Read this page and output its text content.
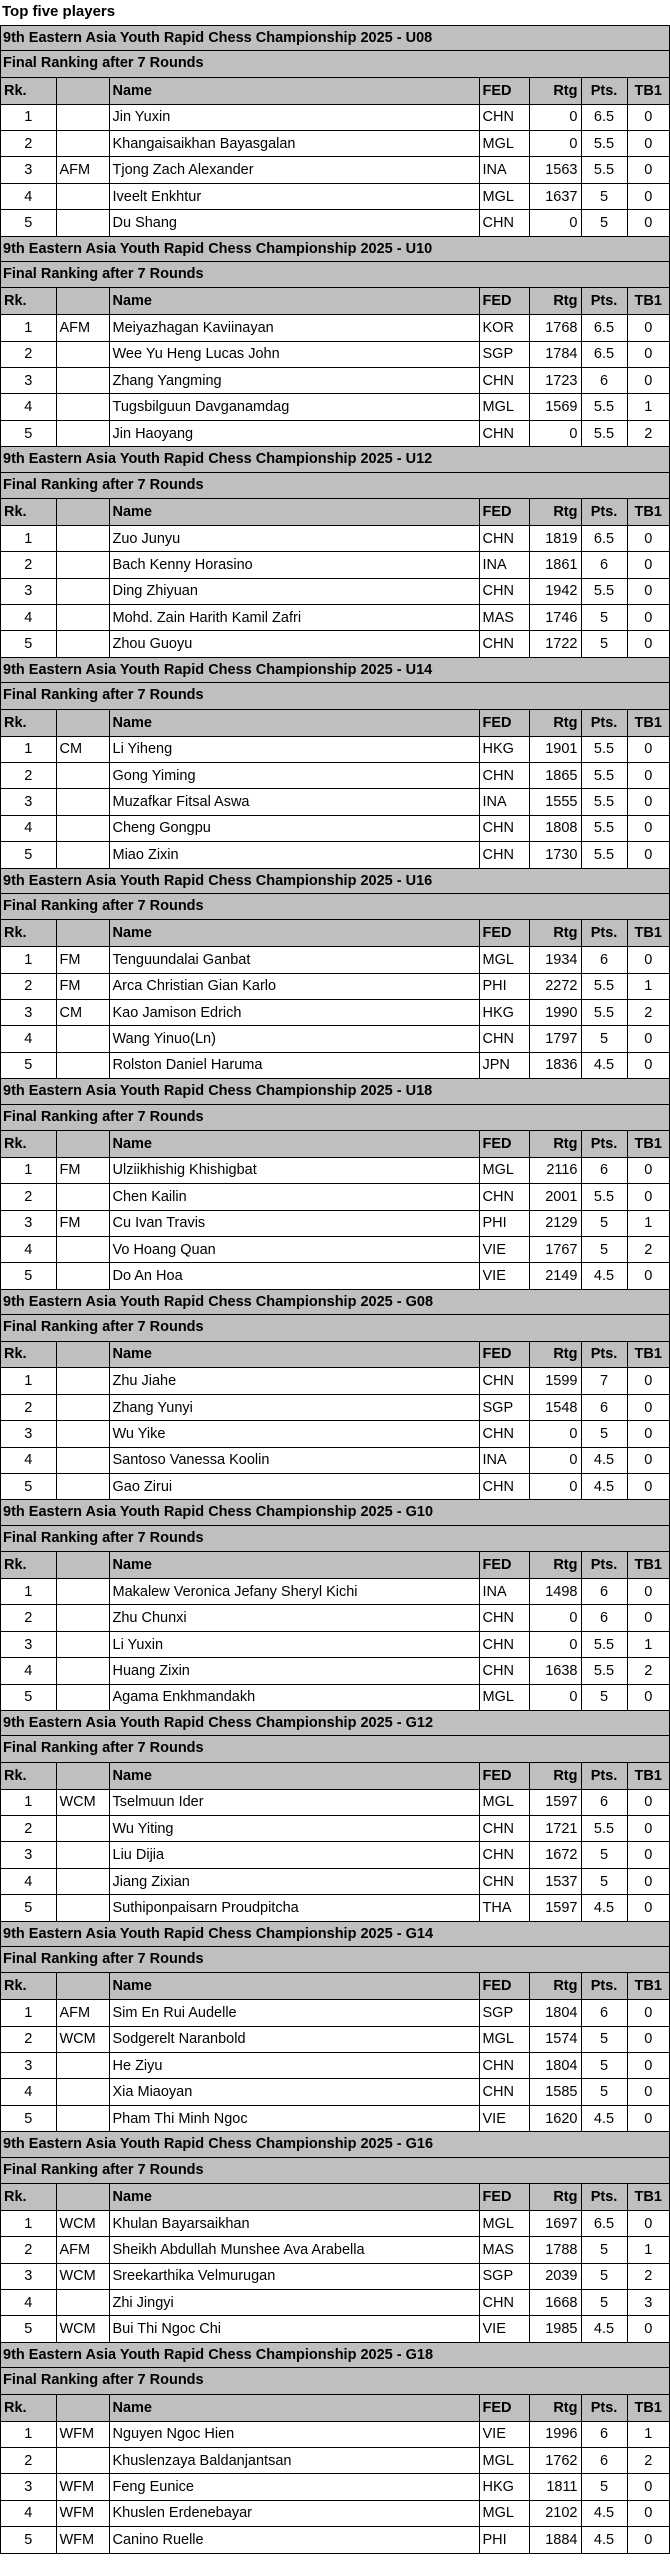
Top five players
9th Eastern Asia Youth Rapid Chess Championship 2025 - U08
Final Ranking after 7 Rounds
Rk.		Name	FED	Rtg	Pts.	TB1
1		Jin Yuxin	CHN	0	6.5	0
2		Khangaisaikhan Bayasgalan	MGL	0	5.5	0
3	AFM	Tjong Zach Alexander	INA	1563	5.5	0
4		Iveelt Enkhtur	MGL	1637	5	0
5		Du Shang	CHN	0	5	0
9th Eastern Asia Youth Rapid Chess Championship 2025 - U10
Final Ranking after 7 Rounds
Rk.		Name	FED	Rtg	Pts.	TB1
1	AFM	Meiyazhagan Kaviinayan	KOR	1768	6.5	0
2		Wee Yu Heng Lucas John	SGP	1784	6.5	0
3		Zhang Yangming	CHN	1723	6	0
4		Tugsbilguun Davganamdag	MGL	1569	5.5	1
5		Jin Haoyang	CHN	0	5.5	2
9th Eastern Asia Youth Rapid Chess Championship 2025 - U12
Final Ranking after 7 Rounds
Rk.		Name	FED	Rtg	Pts.	TB1
1		Zuo Junyu	CHN	1819	6.5	0
2		Bach Kenny Horasino	INA	1861	6	0
3		Ding Zhiyuan	CHN	1942	5.5	0
4		Mohd. Zain Harith Kamil Zafri	MAS	1746	5	0
5		Zhou Guoyu	CHN	1722	5	0
9th Eastern Asia Youth Rapid Chess Championship 2025 - U14
Final Ranking after 7 Rounds
Rk.		Name	FED	Rtg	Pts.	TB1
1	CM	Li Yiheng	HKG	1901	5.5	0
2		Gong Yiming	CHN	1865	5.5	0
3		Muzafkar Fitsal Aswa	INA	1555	5.5	0
4		Cheng Gongpu	CHN	1808	5.5	0
5		Miao Zixin	CHN	1730	5.5	0
9th Eastern Asia Youth Rapid Chess Championship 2025 - U16
Final Ranking after 7 Rounds
Rk.		Name	FED	Rtg	Pts.	TB1
1	FM	Tenguundalai Ganbat	MGL	1934	6	0
2	FM	Arca Christian Gian Karlo	PHI	2272	5.5	1
3	CM	Kao Jamison Edrich	HKG	1990	5.5	2
4		Wang Yinuo(Ln)	CHN	1797	5	0
5		Rolston Daniel Haruma	JPN	1836	4.5	0
9th Eastern Asia Youth Rapid Chess Championship 2025 - U18
Final Ranking after 7 Rounds
Rk.		Name	FED	Rtg	Pts.	TB1
1	FM	Ulziikhishig Khishigbat	MGL	2116	6	0
2		Chen Kailin	CHN	2001	5.5	0
3	FM	Cu Ivan Travis	PHI	2129	5	1
4		Vo Hoang Quan	VIE	1767	5	2
5		Do An Hoa	VIE	2149	4.5	0
9th Eastern Asia Youth Rapid Chess Championship 2025 - G08
Final Ranking after 7 Rounds
Rk.		Name	FED	Rtg	Pts.	TB1
1		Zhu Jiahe	CHN	1599	7	0
2		Zhang Yunyi	SGP	1548	6	0
3		Wu Yike	CHN	0	5	0
4		Santoso Vanessa Koolin	INA	0	4.5	0
5		Gao Zirui	CHN	0	4.5	0
9th Eastern Asia Youth Rapid Chess Championship 2025 - G10
Final Ranking after 7 Rounds
Rk.		Name	FED	Rtg	Pts.	TB1
1		Makalew Veronica Jefany Sheryl Kichi	INA	1498	6	0
2		Zhu Chunxi	CHN	0	6	0
3		Li Yuxin	CHN	0	5.5	1
4		Huang Zixin	CHN	1638	5.5	2
5		Agama Enkhmandakh	MGL	0	5	0
9th Eastern Asia Youth Rapid Chess Championship 2025 - G12
Final Ranking after 7 Rounds
Rk.		Name	FED	Rtg	Pts.	TB1
1	WCM	Tselmuun Ider	MGL	1597	6	0
2		Wu Yiting	CHN	1721	5.5	0
3		Liu Dijia	CHN	1672	5	0
4		Jiang Zixian	CHN	1537	5	0
5		Suthiponpaisarn Proudpitcha	THA	1597	4.5	0
9th Eastern Asia Youth Rapid Chess Championship 2025 - G14
Final Ranking after 7 Rounds
Rk.		Name	FED	Rtg	Pts.	TB1
1	AFM	Sim En Rui Audelle	SGP	1804	6	0
2	WCM	Sodgerelt Naranbold	MGL	1574	5	0
3		He Ziyu	CHN	1804	5	0
4		Xia Miaoyan	CHN	1585	5	0
5		Pham Thi Minh Ngoc	VIE	1620	4.5	0
9th Eastern Asia Youth Rapid Chess Championship 2025 - G16
Final Ranking after 7 Rounds
Rk.		Name	FED	Rtg	Pts.	TB1
1	WCM	Khulan Bayarsaikhan	MGL	1697	6.5	0
2	AFM	Sheikh Abdullah Munshee Ava Arabella	MAS	1788	5	1
3	WCM	Sreekarthika Velmurugan	SGP	2039	5	2
4		Zhi Jingyi	CHN	1668	5	3
5	WCM	Bui Thi Ngoc Chi	VIE	1985	4.5	0
9th Eastern Asia Youth Rapid Chess Championship 2025 - G18
Final Ranking after 7 Rounds
Rk.		Name	FED	Rtg	Pts.	TB1
1	WFM	Nguyen Ngoc Hien	VIE	1996	6	1
2		Khuslenzaya Baldanjantsan	MGL	1762	6	2
3	WFM	Feng Eunice	HKG	1811	5	0
4	WFM	Khuslen Erdenebayar	MGL	2102	4.5	0
5	WFM	Canino Ruelle	PHI	1884	4.5	0
